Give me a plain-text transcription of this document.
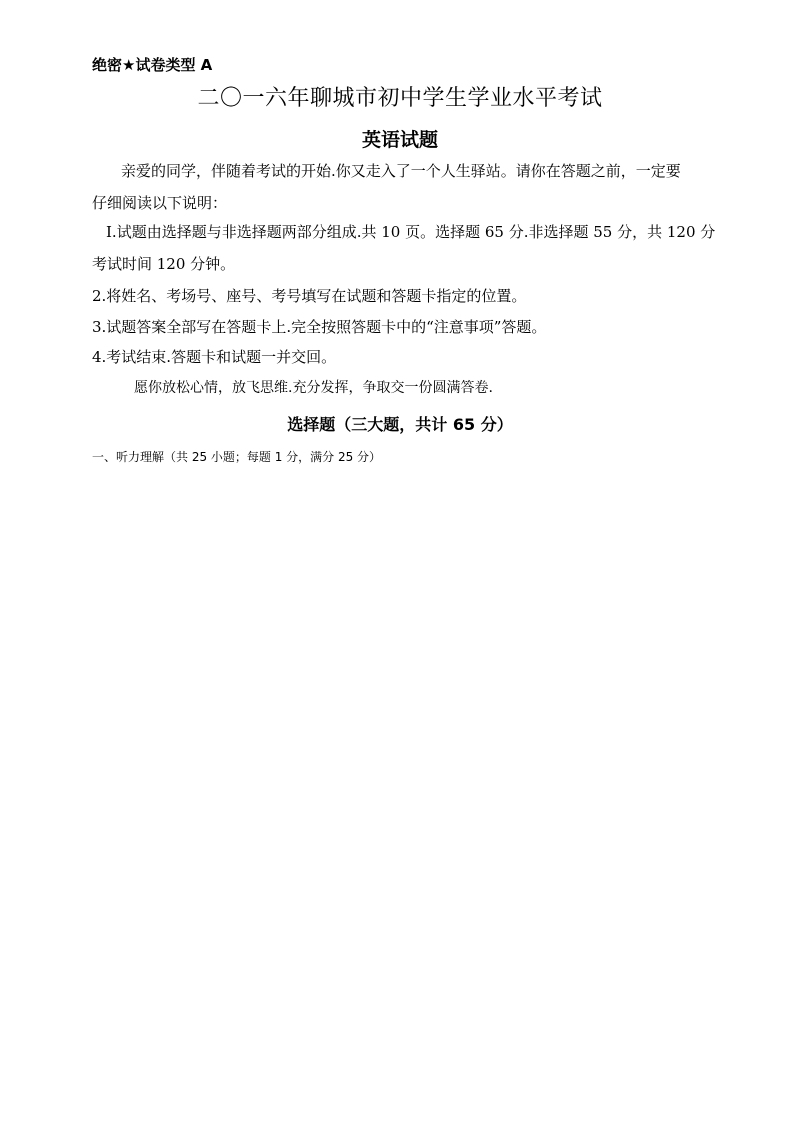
绝密★试卷类型 A
二〇一六年聊城市初中学生学业水平考试
英语试题
亲爱的同学，伴随着考试的开始.你又走入了一个人生驿站。请你在答题之前，一定要
仔细阅读以下说明：
I.试题由选择题与非选择题两部分组成.共 10 页。选择题 65 分.非选择题 55 分，共 120 分
考试时间 120 分钟。
2.将姓名、考场号、座号、考号填写在试题和答题卡指定的位置。
3.试题答案全部写在答题卡上.完全按照答题卡中的“注意事项”答题。
4.考试结束.答题卡和试题一并交回。
愿你放松心情，放飞思维.充分发挥，争取交一份圆满答卷.
选择题（三大题，共计 65 分）
一、听力理解（共 25 小题；每题 1 分，满分 25 分）
